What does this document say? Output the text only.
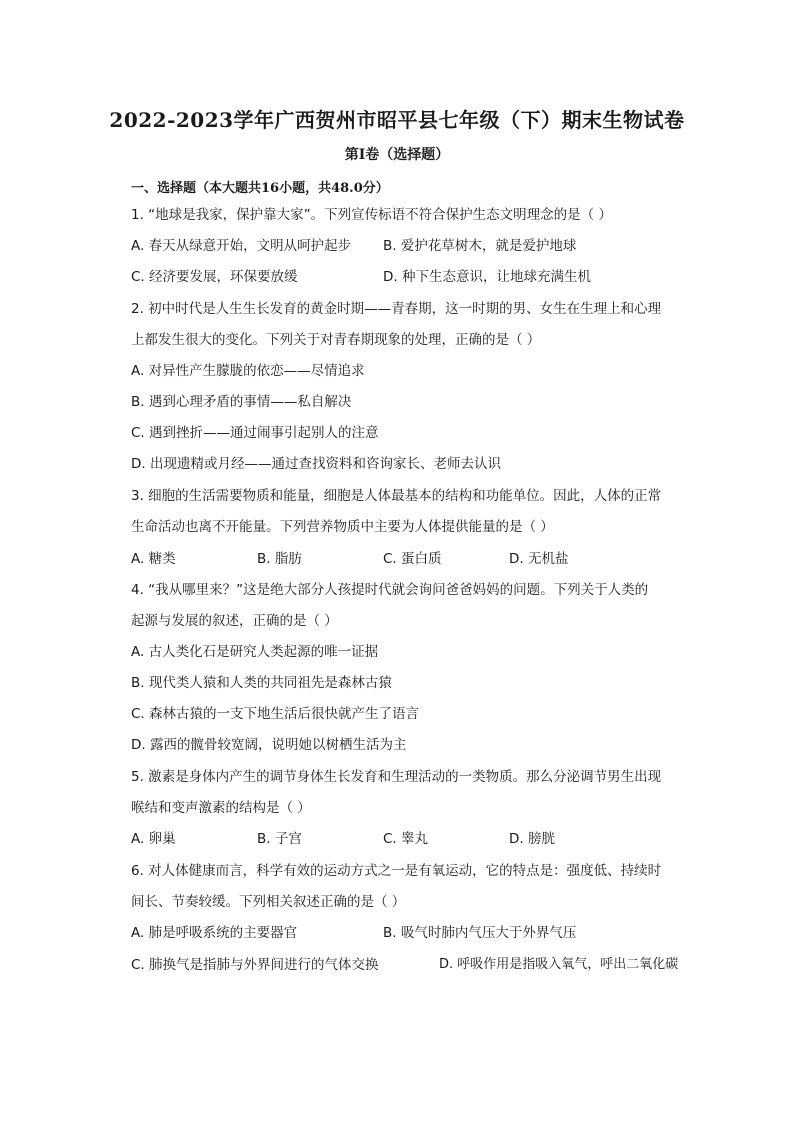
2022-2023学年广西贺州市昭平县七年级（下）期末生物试卷
第I卷（选择题）
一、选择题（本大题共16小题，共48.0分）
1. “地球是我家，保护靠大家”。下列宣传标语不符合保护生态文明理念的是（ ）
A. 春天从绿意开始，文明从呵护起步 B. 爱护花草树木，就是爱护地球
C. 经济要发展，环保要放缓	D. 种下生态意识，让地球充满生机
2. 初中时代是人生生长发育的黄金时期——青春期，这一时期的男、女生在生理上和心理
上都发生很大的变化。下列关于对青春期现象的处理，正确的是（ ）
A. 对异性产生朦胧的依恋——尽情追求
B. 遇到心理矛盾的事情——私自解决
C. 遇到挫折——通过闹事引起别人的注意
D. 出现遗精或月经——通过查找资料和咨询家长、老师去认识
3. 细胞的生活需要物质和能量，细胞是人体最基本的结构和功能单位。因此，人体的正常
生命活动也离不开能量。下列营养物质中主要为人体提供能量的是（ ）
A. 糖类	B. 脂肪	C. 蛋白质	D. 无机盐
4. “我从哪里来？”这是绝大部分人孩提时代就会询问爸爸妈妈的问题。下列关于人类的
起源与发展的叙述，正确的是（ ）
A. 古人类化石是研究人类起源的唯一证据
B. 现代类人猿和人类的共同祖先是森林古猿
C. 森林古猿的一支下地生活后很快就产生了语言
D. 露西的髋骨较宽阔，说明她以树栖生活为主
5. 激素是身体内产生的调节身体生长发育和生理活动的一类物质。那么分泌调节男生出现
喉结和变声激素的结构是（ ）
A. 卵巢	B. 子宫	C. 睾丸	D. 膀胱
6. 对人体健康而言，科学有效的运动方式之一是有氧运动，它的特点是：强度低、持续时
间长、节奏较缓。下列相关叙述正确的是（ ）
A. 肺是呼吸系统的主要器官	B. 吸气时肺内气压大于外界气压
C. 肺换气是指肺与外界间进行的气体交换	D. 呼吸作用是指吸入氧气，呼出二氧化碳
